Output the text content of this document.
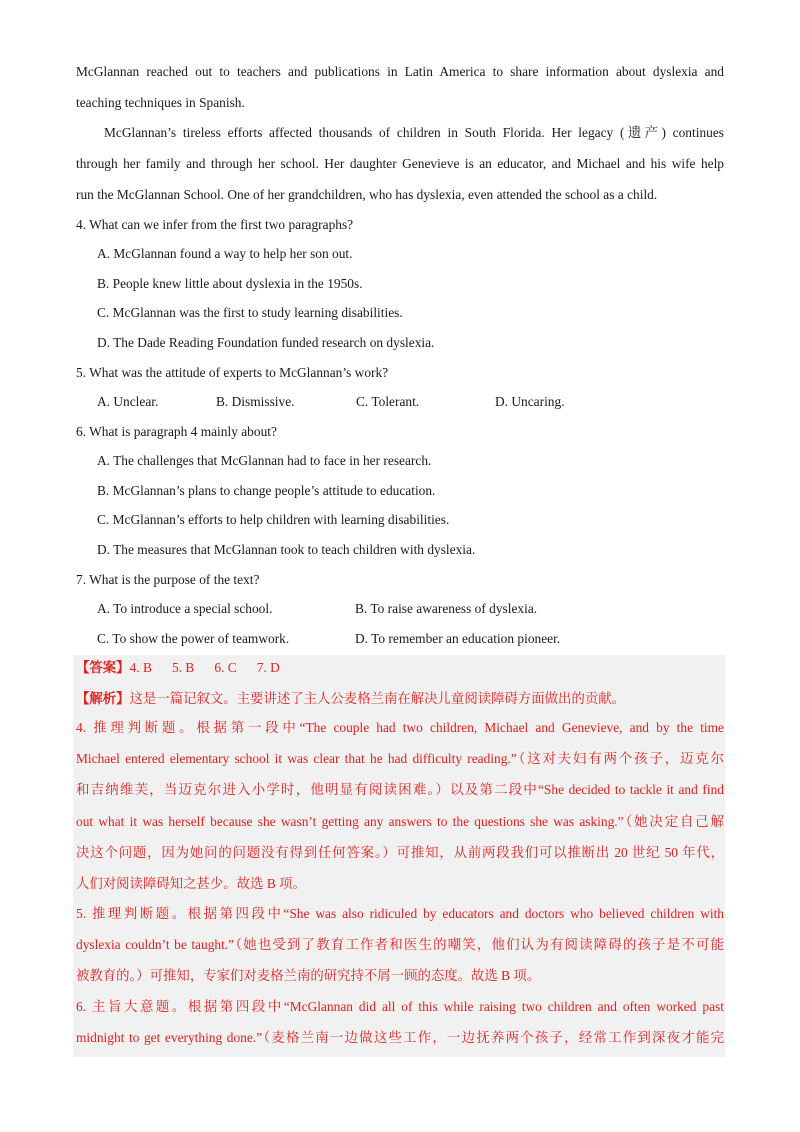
McGlannan reached out to teachers and publications in Latin America to share information about dyslexia and
teaching techniques in Spanish.
McGlannan’s tireless efforts affected thousands of children in South Florida. Her legacy (遗产) continues
through her family and through her school. Her daughter Genevieve is an educator, and Michael and his wife help
run the McGlannan School. One of her grandchildren, who has dyslexia, even attended the school as a child.
4. What can we infer from the first two paragraphs?
A. McGlannan found a way to help her son out.
B. People knew little about dyslexia in the 1950s.
C. McGlannan was the first to study learning disabilities.
D. The Dade Reading Foundation funded research on dyslexia.
5. What was the attitude of experts to McGlannan’s work?
A. Unclear.	B. Dismissive.	C. Tolerant.	D. Uncaring.
6. What is paragraph 4 mainly about?
A. The challenges that McGlannan had to face in her research.
B. McGlannan’s plans to change people’s attitude to education.
C. McGlannan’s efforts to help children with learning disabilities.
D. The measures that McGlannan took to teach children with dyslexia.
7. What is the purpose of the text?
A. To introduce a special school.	B. To raise awareness of dyslexia.
C. To show the power of teamwork.	D. To remember an education pioneer.
【答案】4. B      5. B      6. C      7. D
【解析】这是一篇记叙文。主要讲述了主人公麦格兰南在解决儿童阅读障碍方面做出的贡献。
4. 推理判断题。根据第一段中“The couple had two children, Michael and Genevieve, and by the time
Michael entered elementary school it was clear that he had difficulty reading.”（这对夫妇有两个孩子，迈克尔
和吉纳维芙，当迈克尔进入小学时，他明显有阅读困难。）以及第二段中“She decided to tackle it and find
out what it was herself because she wasn’t getting any answers to the questions she was asking.”（她决定自己解
决这个问题，因为她问的问题没有得到任何答案。）可推知，从前两段我们可以推断出 20 世纪 50 年代，
人们对阅读障碍知之甚少。故选 B 项。
5. 推理判断题。根据第四段中“She was also ridiculed by educators and doctors who believed children with
dyslexia couldn’t be taught.”（她也受到了教育工作者和医生的嘲笑，他们认为有阅读障碍的孩子是不可能
被教育的。）可推知，专家们对麦格兰南的研究持不屑一顾的态度。故选 B 项。
6. 主旨大意题。根据第四段中“McGlannan did all of this while raising two children and often worked past
midnight to get everything done.”（麦格兰南一边做这些工作，一边抚养两个孩子，经常工作到深夜才能完
